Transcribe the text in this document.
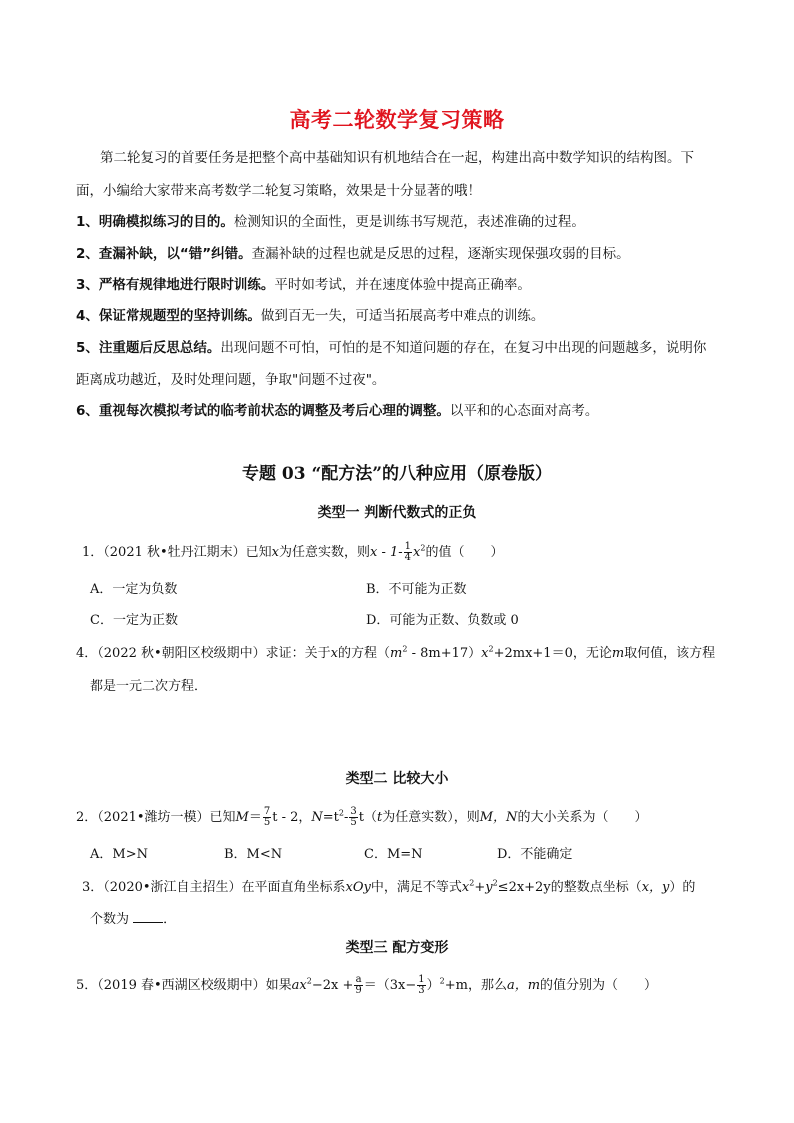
高考二轮数学复习策略
第二轮复习的首要任务是把整个高中基础知识有机地结合在一起，构建出高中数学知识的结构图。下
面，小编给大家带来高考数学二轮复习策略，效果是十分显著的哦！
1、明确模拟练习的目的。检测知识的全面性，更是训练书写规范，表述准确的过程。
2、查漏补缺，以“错”纠错。查漏补缺的过程也就是反思的过程，逐渐实现保强攻弱的目标。
3、严格有规律地进行限时训练。平时如考试，并在速度体验中提高正确率。
4、保证常规题型的坚持训练。做到百无一失，可适当拓展高考中难点的训练。
5、注重题后反思总结。出现问题不可怕，可怕的是不知道问题的存在，在复习中出现的问题越多，说明你
距离成功越近，及时处理问题，争取"问题不过夜"。
6、重视每次模拟考试的临考前状态的调整及考后心理的调整。以平和的心态面对高考。
专题 03 “配方法”的八种应用（原卷版）
类型一 判断代数式的正负
1．（2021 秋•牡丹江期末）已知x为任意实数，则x - $1- \frac{1}{4} x^2$的值（　　）
A．一定为负数	B．不可能为正数
C．一定为正数	D．可能为正数、负数或 0
4．（2022 秋•朝阳区校级期中）求证：关于x的方程$(m^2 - 8m+17)x^2+2mx+1=0$，无论m取何值，该方程
都是一元二次方程．
类型二 比较大小
2．（2021•潍坊一模）已知$M= \frac{7}{5}$ t - 2，$N=t^2- \frac{3}{5} t(t$为任意实数），则M，N的大小关系为（　　）
A．M>N	B．M<N	C．M=N	D．不能确定
3．（2020•浙江自主招生）在平面直角坐标系xOy中，满足不等式$x^2+y^2\le 2x+2y$的整数点坐标（x，y）的
个数为	．
类型三 配方变形
5．（2019 春•西湖区校级期中）如果$ax^2-2x + \frac{a}{9} =(3x- \frac{1}{3} )^2+m$，那么a，m的值分别为（　　）
